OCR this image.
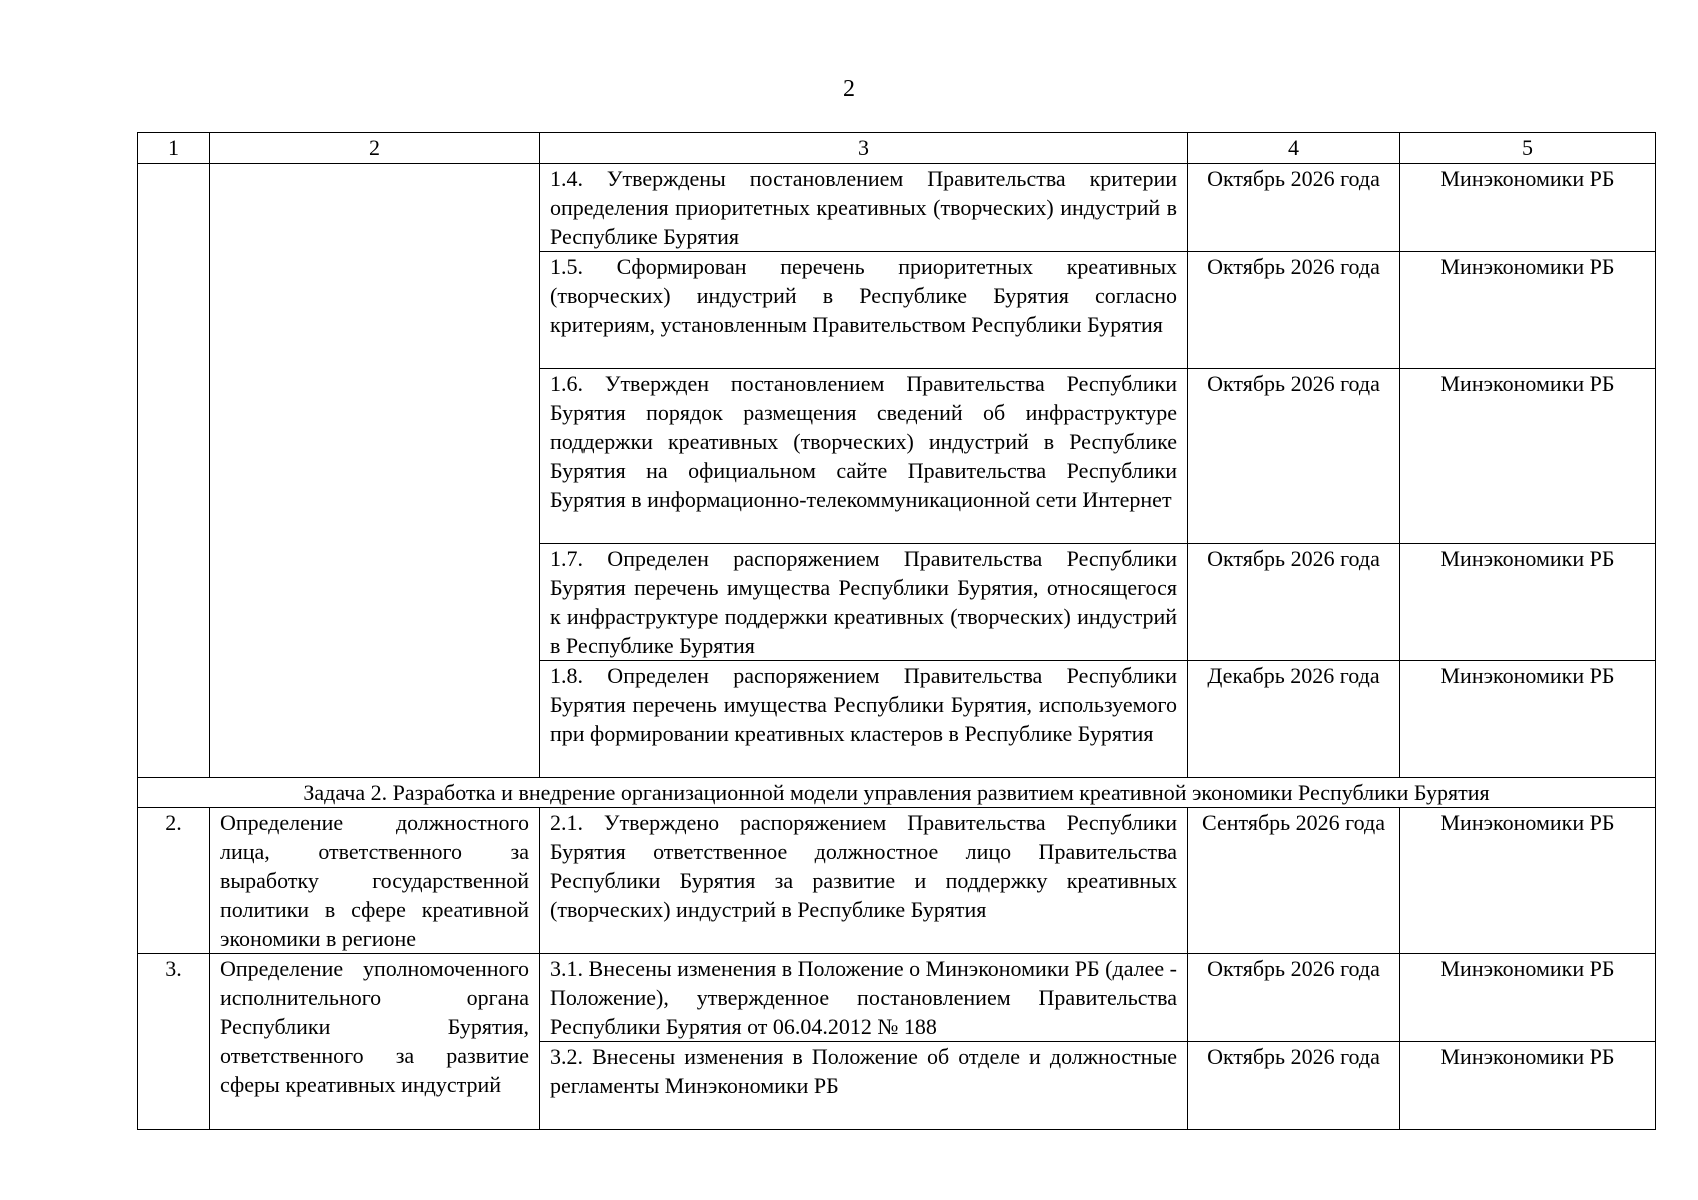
2
1	2	3	4	5
		1.4. Утверждены постановлением Правительства критерии определения приоритетных креативных (творческих) индустрий в Республике Бурятия	Октябрь 2026 года	Минэкономики РБ
		1.5. Сформирован перечень приоритетных креативных (творческих) индустрий в Республике Бурятия согласно критериям, установленным Правительством Республики Бурятия	Октябрь 2026 года	Минэкономики РБ
		1.6. Утвержден постановлением Правительства Республики Бурятия порядок размещения сведений об инфраструктуре поддержки креативных (творческих) индустрий в Республике Бурятия на официальном сайте Правительства Республики Бурятия в информационно-телекоммуникационной сети Интернет	Октябрь 2026 года	Минэкономики РБ
		1.7. Определен распоряжением Правительства Республики Бурятия перечень имущества Республики Бурятия, относящегося к инфраструктуре поддержки креативных (творческих) индустрий в Республике Бурятия	Октябрь 2026 года	Минэкономики РБ
		1.8. Определен распоряжением Правительства Республики Бурятия перечень имущества Республики Бурятия, используемого при формировании креативных кластеров в Республике Бурятия	Декабрь 2026 года	Минэкономики РБ
Задача 2. Разработка и внедрение организационной модели управления развитием креативной экономики Республики Бурятия				
2.	Определение должностного лица, ответственного за выработку государственной политики в сфере креативной экономики в регионе	2.1. Утверждено распоряжением Правительства Республики Бурятия ответственное должностное лицо Правительства Республики Бурятия за развитие и поддержку креативных (творческих) индустрий в Республике Бурятия	Сентябрь 2026 года	Минэкономики РБ
3.	Определение уполномоченного исполнительного органа Республики Бурятия, ответственного за развитие сферы креативных индустрий	3.1. Внесены изменения в Положение о Минэкономики РБ (далее - Положение), утвержденное постановлением Правительства Республики Бурятия от 06.04.2012 № 188	Октябрь 2026 года	Минэкономики РБ
		3.2. Внесены изменения в Положение об отделе и должностные регламенты Минэкономики РБ	Октябрь 2026 года	Минэкономики РБ
